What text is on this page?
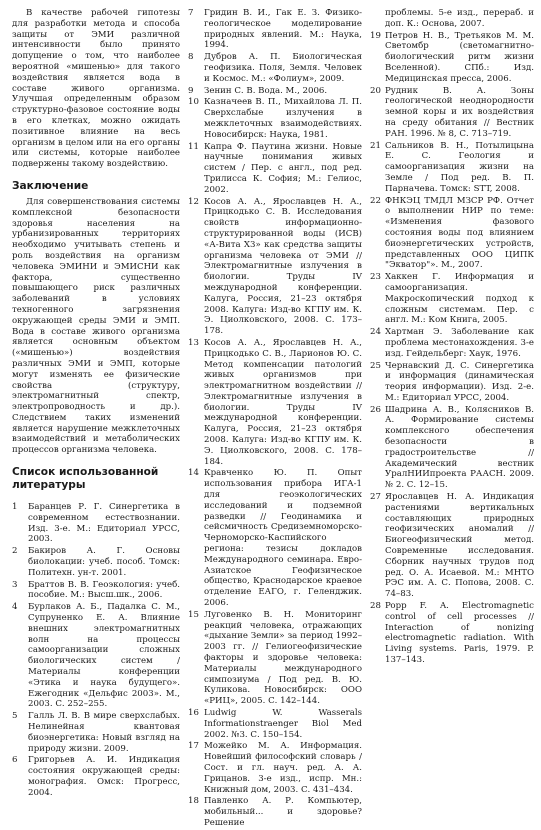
В качестве рабочей гипотезы для разработки метода и способа защиты от ЭМИ различной интенсивности было принято допущение о том, что наиболее вероятной «мишенью» для такого воздействия является вода в составе живого организма. Улучшая определенным образом структурно-фазовое состояние воды в его клетках, можно ожидать позитивное влияние на весь организм в целом или на его органы или системы, которые наиболее подвержены такому воздействию.

Заключение

Для совершенствования системы комплексной безопасности здоровья населения на урбанизированных территориях необходимо учитывать степень и роль воздействия на организм человека ЭМИНИ и ЭМИСНИ как фактора, существенно повышающего риск различных заболеваний в условиях техногенного загрязнения окружающей среды ЭМИ и ЭМП. Вода в составе живого организма является основным объектом («мишенью») воздействия различных ЭМИ и ЭМП, которые могут изменять ее физические свойства (структуру, электромагнитный спектр, электропроводность и др.). Следствием таких изменений является нарушение межклеточных взаимодействий и метаболических процессов организма человека.

Список использованной литературы
1 Баранцев Р. Г. Синергетика в современном естествознании. Изд. 3-е. М.: Едиториал УРСС, 2003.
2 Бакиров А. Г. Основы биолокации: учеб. пособ. Томск: Политехн. ун-т. 2001.
3 Браттов В. В. Геоэкология: учеб. пособие. М.: Высш.шк., 2006.
4 Бурлаков А. Б., Падалка С. М., Супруненко Е. А. Влияние внешних электромагнитных волн на процессы самоорганизации сложных биологических систем / Материалы конференции «Этика и наука будущего». Ежегодник «Дельфис 2003». М., 2003. С. 252–255.
5 Галль Л. В. В мире сверхслабых. Нелинейная квантовая биоэнергетика: Новый взгляд на природу жизни. 2009.
6 Григорьев А. И. Индикация состояния окружающей среды: монография. Омск: Прогресс, 2004.
7 Гридин В. И., Гак Е. З. Физико-геологическое моделирование природных явлений. М.: Наука, 1994.
8 Дубров А. П. Биологическая геофизика. Поля, Земля. Человек и Космос. М.: «Фолиум», 2009.
9 Зенин С. В. Вода. М., 2006.
10 Казначеев В. П., Михайлова Л. П. Сверхслабые излучения в межклеточных взаимодействиях. Новосибирск: Наука, 1981.
11 Капра Ф. Паутина жизни. Новые научные понимания живых систем / Пер. с англ., под ред. Трилисса К. София; М.: Гелиос, 2002.
12 Косов А. А., Ярославцев Н. А., Прицкодько С. В. Исследования свойств информационно-структурированной воды (ИСВ) «А-Вита Х3» как средства защиты организма человека от ЭМИ // Электромагнитные излучения в биологии. Труды IV международной конференции. Калуга, Россия, 21–23 октября 2008. Калуга: Изд-во КГПУ им. К. Э. Циолковского, 2008. С. 173–178.
13 Косов А. А., Ярославцев Н. А., Прицкодько С. В., Ларионов Ю. С. Метод компенсации патологий живых организмов при электромагнитном воздействии // Электромагнитные излучения в биологии. Труды IV международной конференции. Калуга, Россия, 21–23 октября 2008. Калуга: Изд-во КГПУ им. К. Э. Циолковского, 2008. С. 178–184.
14 Кравченко Ю. П. Опыт использования прибора ИГА-1 для геоэкологических исследований и подземной разведки // Геодинамика и сейсмичность Средиземноморско-Черноморско-Каспийского региона: тезисы докладов Международного семинара. Евро-Азиатское Геофизическое общество, Краснодарское краевое отделение ЕАГО, г. Геленджик. 2006.
15 Луговенко В. Н. Мониторинг реакций человека, отражающих «дыхание Земли» за период 1992–2003 гг. // Гелиогеофизические факторы и здоровье человека: Материалы международного симпозиума / Под ред. В. Ю. Куликова. Новосибирск: ООО «РИЦ», 2005. С. 142–144.
16 Ludwig W. Wasserals Informationstraenger Biol Med 2002. №3. С. 150–154.
17 Можейко М. А. Информация. Новейший философский словарь / Сост. и гл. науч. ред. А. А. Грицанов. 3-е изд., испр. Мн.: Книжный дом, 2003. С. 431–434.
18 Павленко А. Р. Компьютер, мобильный... и здоровье? Решение
проблемы. 5-е изд., перераб. и доп. К.: Основа, 2007.
19 Петров Н. В., Третьяков М. М. Светомбр (светомагнитно-биологический ритм жизни Вселенной). СПб.: Изд. Медицинская пресса, 2006.
20 Рудник В. А. Зоны геологической неоднородности земной коры и их воздействия на среду обитания // Вестник РАН. 1996. № 8, С. 713–719.
21 Сальников В. Н., Потылицына Е. С. Геология и самоорганизация жизни на Земле / Под ред. В. П. Парначева. Томск: STT, 2008.
22 ФНКЭЦ ТМДЛ МЗСР РФ. Отчет о выполнении НИР по теме: «Изменения фазового состояния воды под влиянием биоэнергетических устройств, представленных ООО ЦИПК "Экватор"». М., 2007.
23 Хаккен Г. Информация и самоорганизация. Макроскопический подход к сложным системам. Пер. с англ. М.: Ком Книга, 2005.
24 Хартман Э. Заболевание как проблема местонахождения. 3-е изд. Гейдельберг: Хаук, 1976.
25 Чернавский Д. С. Синергетика и информация (динамическая теория информации). Изд. 2-е. М.: Едиториал УРСС, 2004.
26 Шадрина А. В., Колясников В. А. Формирование системы комплексного обеспечения безопасности в градостроительстве // Академический вестник УралНИИпроекта РААСН. 2009. № 2. С. 12–15.
27 Ярославцев Н. А. Индикация растениями вертикальных составляющих природных геофизических аномалий // Биогеофизический метод. Современные исследования. Сборник научных трудов под ред. О. А. Исаевой. М.: МНТО РЭС им. А. С. Попова, 2008. С. 74–83.
28 Popp F. A. Electromagnetic control of cell processes // Interaction of nonizing electromagnetic radiation. With Living systems. Paris, 1979. P. 137–143.
